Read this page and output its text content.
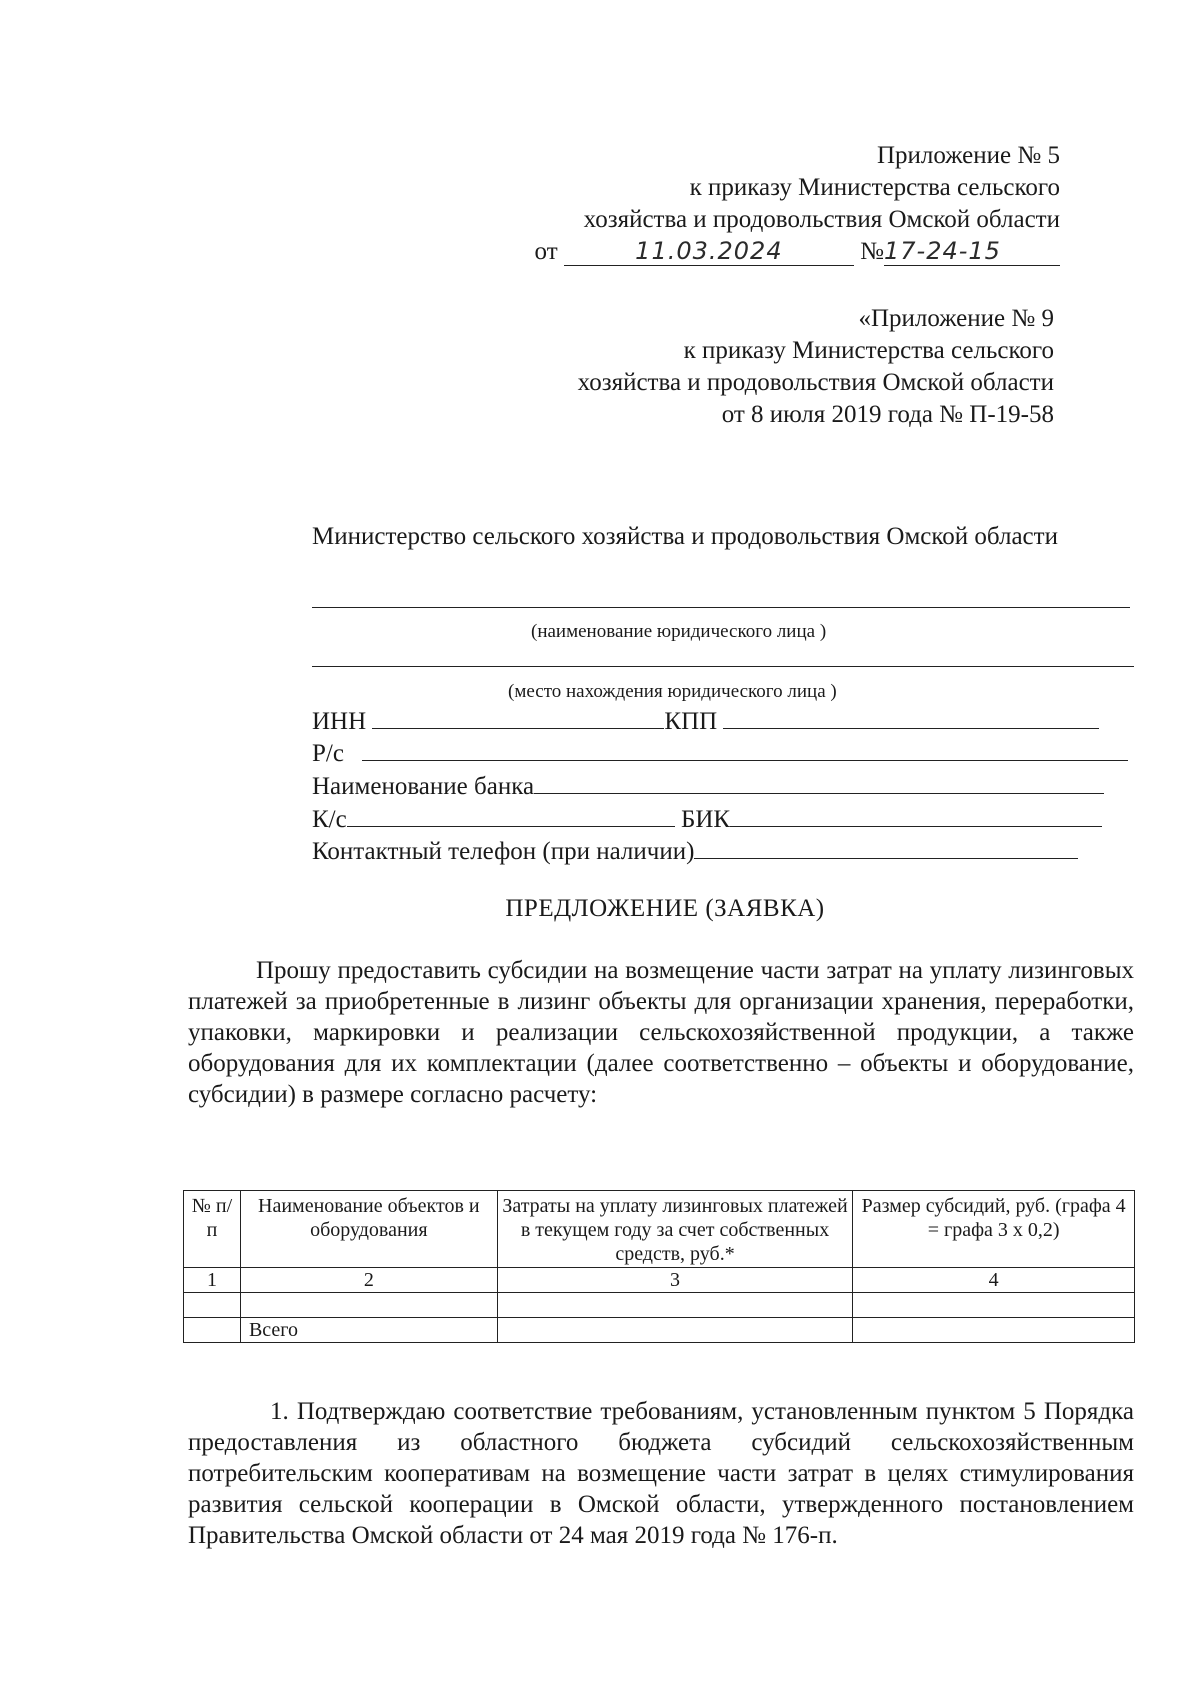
Приложение № 5
к приказу Министерства сельского
хозяйства и продовольствия Омской области
от	11.03.2024	№17-24-15
«Приложение № 9
к приказу Министерства сельского
хозяйства и продовольствия Омской области
от 8 июля 2019 года № П-19-58
Министерство сельского хозяйства и продовольствия Омской области
(наименование юридического лица )
(место нахождения юридического лица )
ИНН	КПП
Р/с
Наименование банка
К/с	БИК
Контактный телефон (при наличии)
ПРЕДЛОЖЕНИЕ (ЗАЯВКА)
Прошу предоставить субсидии на возмещение части затрат на уплату лизинговых платежей за приобретенные в лизинг объекты для организации хранения, переработки, упаковки, маркировки и реализации сельскохозяйственной продукции, а также оборудования для их комплектации (далее соответственно – объекты и оборудование, субсидии) в размере согласно расчету:
№ п/п	Наименование объектов и оборудования	Затраты на уплату лизинговых платежей в текущем году за счет собственных средств, руб.*	Размер субсидий, руб. (графа 4 = графа 3 х 0,2)
1	2	3	4

	Всего		
1. Подтверждаю соответствие требованиям, установленным пунктом 5 Порядка предоставления из областного бюджета субсидий сельскохозяйственным потребительским кооперативам на возмещение части затрат в целях стимулирования развития сельской кооперации в Омской области, утвержденного постановлением Правительства Омской области от 24 мая 2019 года № 176-п.
